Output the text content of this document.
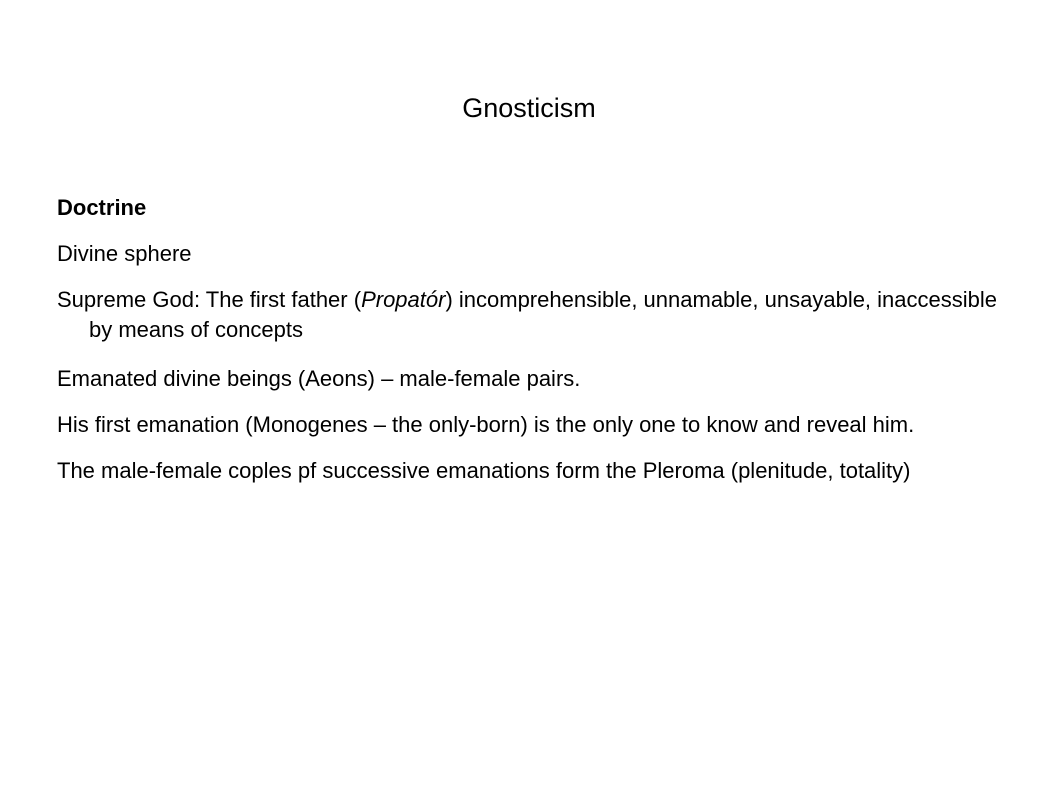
Gnosticism

Doctrine

Divine sphere

Supreme God: The first father (Propatór) incomprehensible, unnamable, unsayable, inaccessible by means of concepts

Emanated divine beings (Aeons) – male-female pairs.

His first emanation (Monogenes – the only-born) is the only one to know and reveal him.

The male-female coples pf successive emanations form the Pleroma (plenitude, totality)
